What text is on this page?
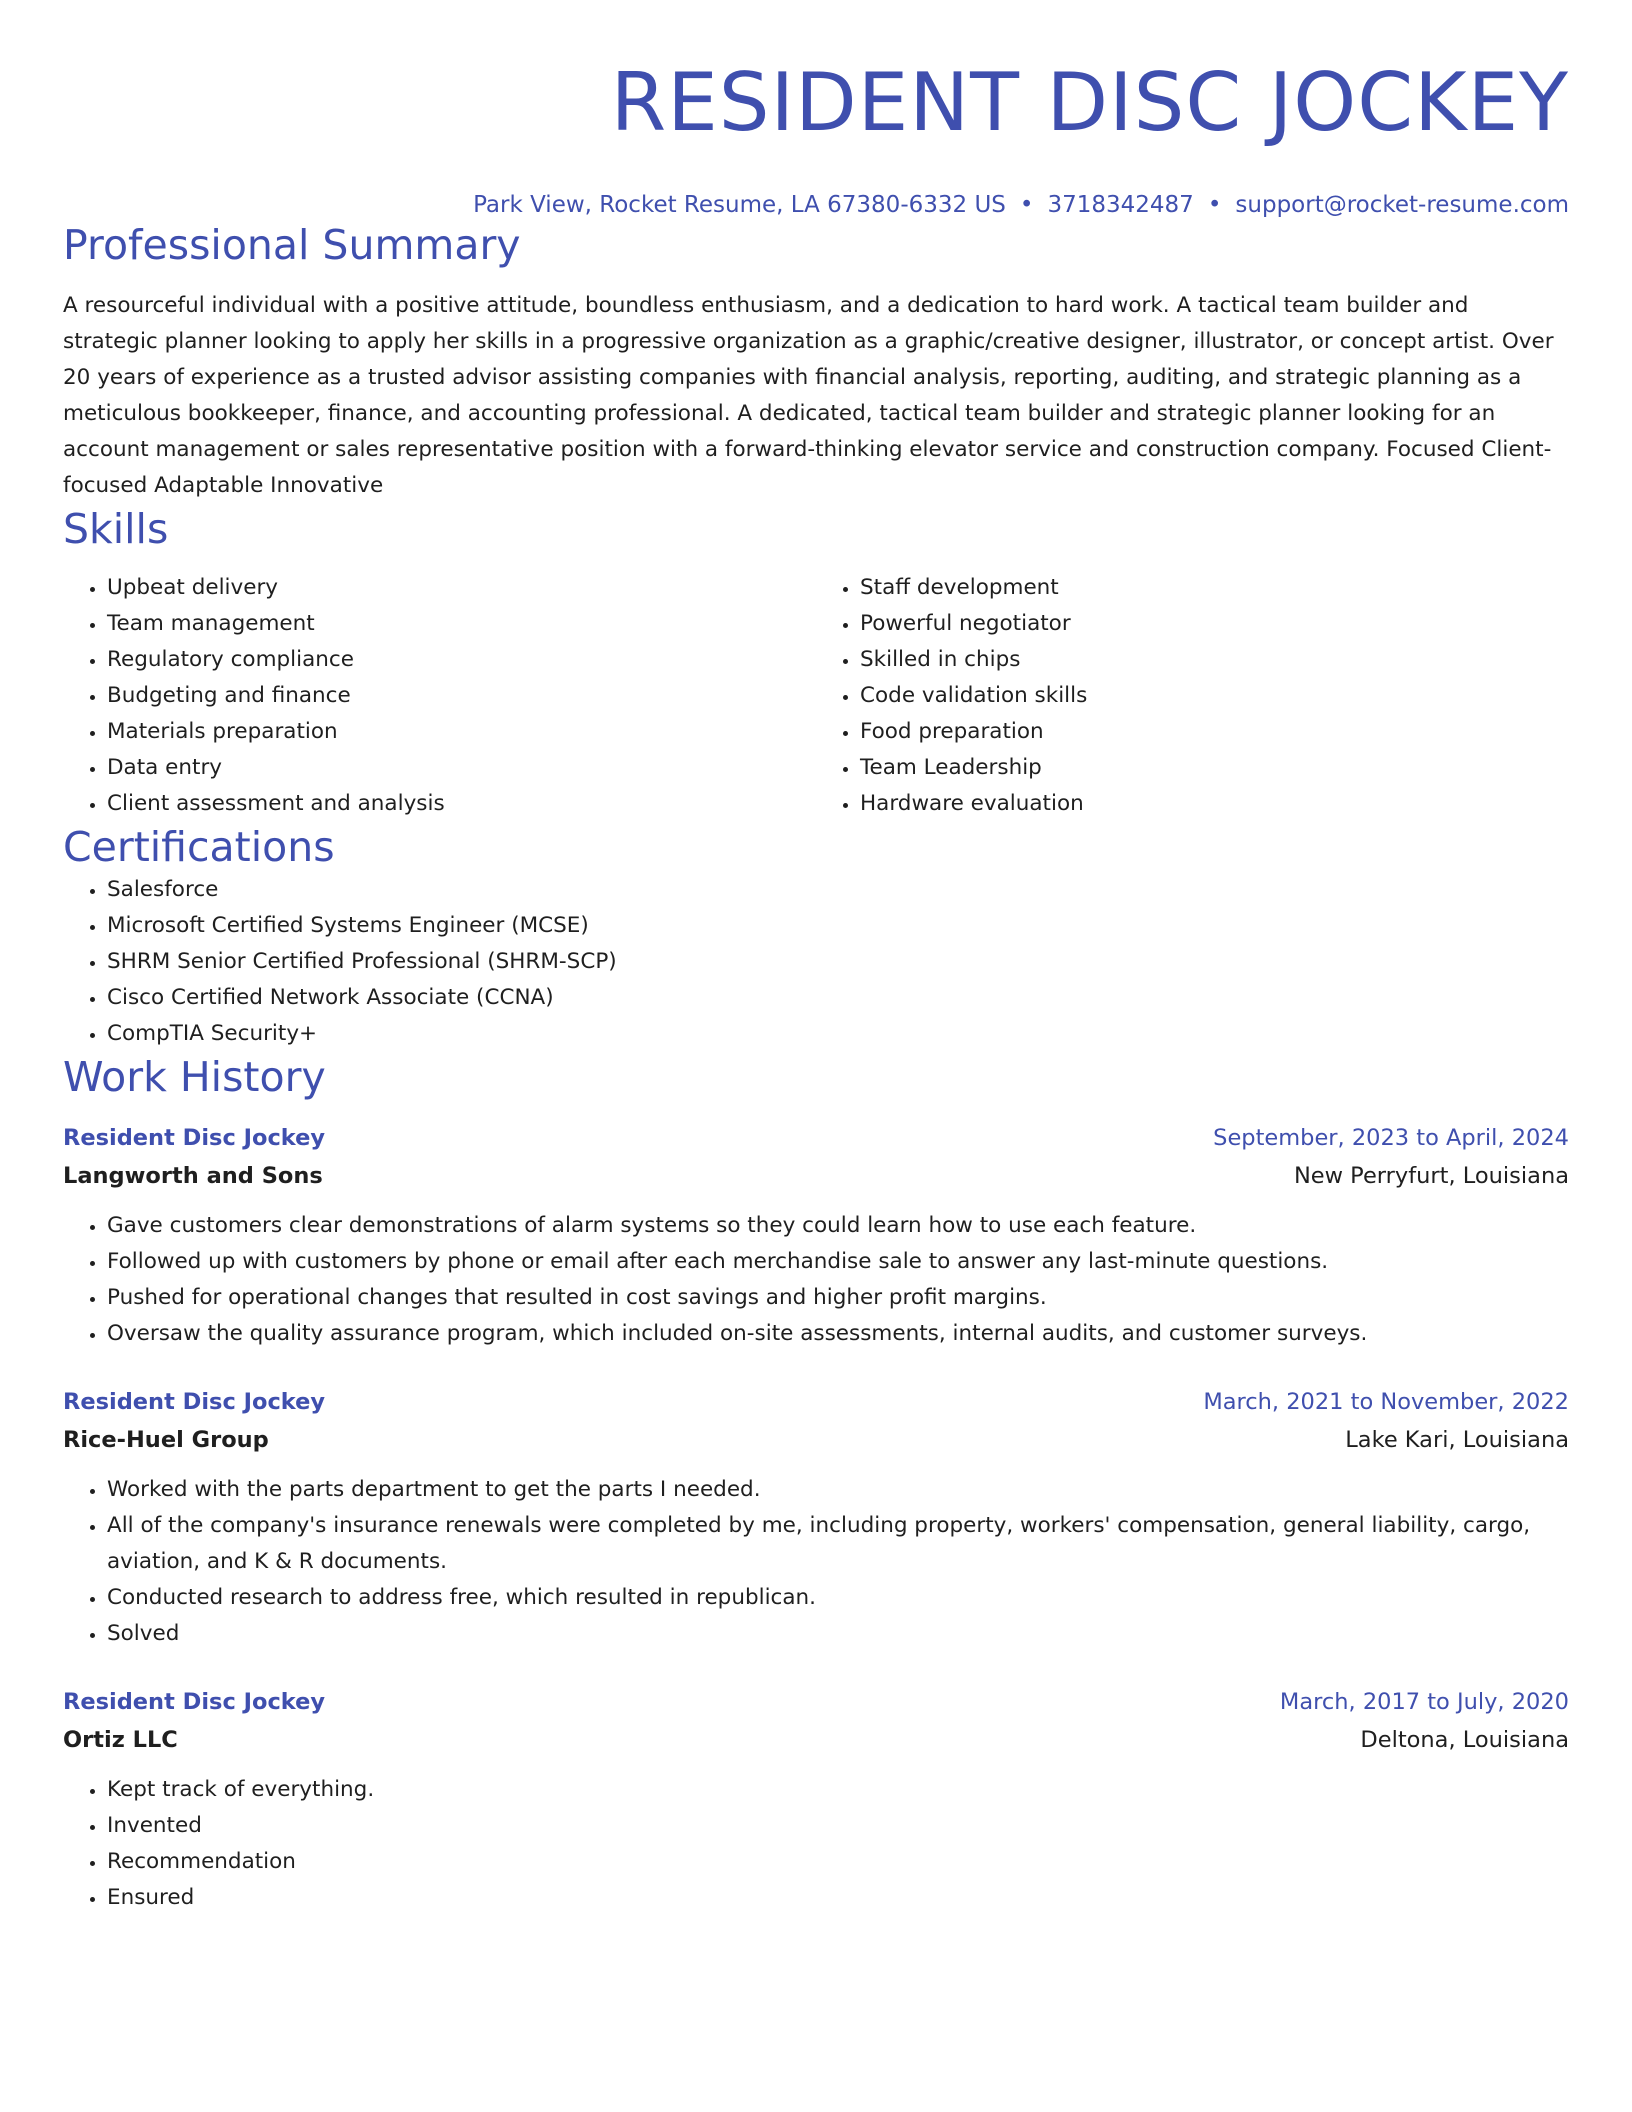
RESIDENT DISC JOCKEY
Park View, Rocket Resume, LA 67380-6332 US • 3718342487 • support@rocket-resume.com
Professional Summary
A resourceful individual with a positive attitude, boundless enthusiasm, and a dedication to hard work. A tactical team builder and strategic planner looking to apply her skills in a progressive organization as a graphic/creative designer, illustrator, or concept artist. Over 20 years of experience as a trusted advisor assisting companies with financial analysis, reporting, auditing, and strategic planning as a meticulous bookkeeper, finance, and accounting professional. A dedicated, tactical team builder and strategic planner looking for an account management or sales representative position with a forward-thinking elevator service and construction company. Focused Client-focused Adaptable Innovative
Skills
• Upbeat delivery
• Team management
• Regulatory compliance
• Budgeting and finance
• Materials preparation
• Data entry
• Client assessment and analysis
• Staff development
• Powerful negotiator
• Skilled in chips
• Code validation skills
• Food preparation
• Team Leadership
• Hardware evaluation
Certifications
• Salesforce
• Microsoft Certified Systems Engineer (MCSE)
• SHRM Senior Certified Professional (SHRM-SCP)
• Cisco Certified Network Associate (CCNA)
• CompTIA Security+
Work History
Resident Disc Jockey	September, 2023 to April, 2024
Langworth and Sons	New Perryfurt, Louisiana
• Gave customers clear demonstrations of alarm systems so they could learn how to use each feature.
• Followed up with customers by phone or email after each merchandise sale to answer any last-minute questions.
• Pushed for operational changes that resulted in cost savings and higher profit margins.
• Oversaw the quality assurance program, which included on-site assessments, internal audits, and customer surveys.
Resident Disc Jockey	March, 2021 to November, 2022
Rice-Huel Group	Lake Kari, Louisiana
• Worked with the parts department to get the parts I needed.
• All of the company's insurance renewals were completed by me, including property, workers' compensation, general liability, cargo, aviation, and K & R documents.
• Conducted research to address free, which resulted in republican.
• Solved
Resident Disc Jockey	March, 2017 to July, 2020
Ortiz LLC	Deltona, Louisiana
• Kept track of everything.
• Invented
• Recommendation
• Ensured
